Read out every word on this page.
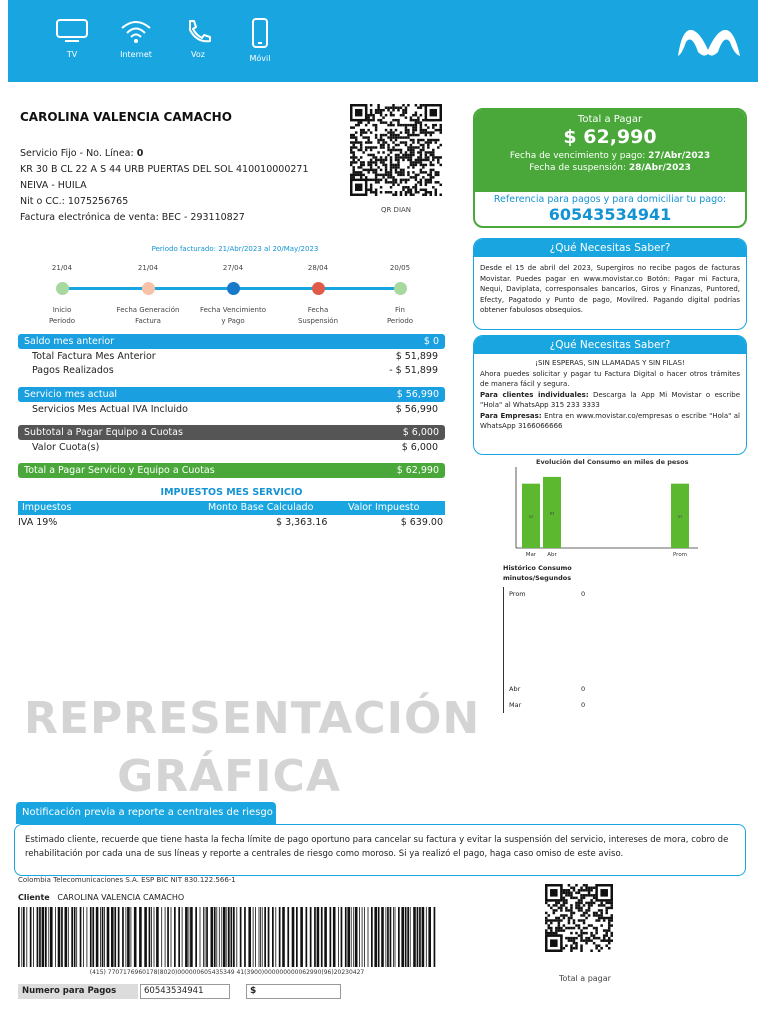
TV	Internet	Voz	Móvil
CAROLINA VALENCIA CAMACHO
Servicio Fijo - No. Línea: 0
KR 30 B CL 22 A S 44 URB PUERTAS DEL SOL 410010000271
NEIVA - HUILA
Nit o CC.: 1075256765
Factura electrónica de venta: BEC - 293110827
QR DIAN
Total a Pagar
$ 62,990
Fecha de vencimiento y pago: 27/Abr/2023
Fecha de suspensión: 28/Abr/2023
Referencia para pagos y para domiciliar tu pago:
60543534941
¿Qué Necesitas Saber?
Desde el 15 de abril del 2023, Supergiros no recibe pagos de facturas Movistar. Puedes pagar en www.movistar.co Botón: Pagar mi Factura, Nequi, Daviplata, corresponsales bancarios, Giros y Finanzas, Puntored, Efecty, Pagatodo y Punto de pago, Movilred. Pagando digital podrías obtener fabulosos obsequios.
¿Qué Necesitas Saber?
¡SIN ESPERAS, SIN LLAMADAS Y SIN FILAS!
Ahora puedes solicitar y pagar tu Factura Digital o hacer otros trámites de manera fácil y segura.
Para clientes individuales: Descarga la App Mi Movistar o escribe "Hola" al WhatsApp 315 233 3333
Para Empresas: Entra en www.movistar.co/empresas o escribe "Hola" al WhatsApp 3166066666
Periodo facturado: 21/Abr/2023 al 20/May/2023
21/04
Inicio
Periodo
21/04
Fecha Generación
Factura
27/04
Fecha Vencimiento
y Pago
28/04
Fecha
Suspensión
20/05
Fin
Periodo
Saldo mes anterior	$ 0
Total Factura Mes Anterior	$ 51,899
Pagos Realizados	- $ 51,899
Servicio mes actual	$ 56,990
Servicios Mes Actual IVA Incluido	$ 56,990
Subtotal a Pagar Equipo a Cuotas	$ 6,000
Valor Cuota(s)	$ 6,000
Total a Pagar Servicio y Equipo a Cuotas	$ 62,990
IMPUESTOS MES SERVICIO
Impuestos	Monto Base Calculado	Valor Impuesto
IVA 19%	$ 3,363.16	$ 639.00
Evolución del Consumo en miles de pesos
57
Mar
63
Abr
57
Prom
Histórico Consumo minutos/Segundos
Prom	0
Abr	0
Mar	0
REPRESENTACIÓN
GRÁFICA
Notificación previa a reporte a centrales de riesgo
Estimado cliente, recuerde que tiene hasta la fecha límite de pago oportuno para cancelar su factura y evitar la suspensión del servicio, intereses de mora, cobro de rehabilitación por cada una de sus líneas y reporte a centrales de riesgo como moroso. Si ya realizó el pago, haga caso omiso de este aviso.
Colombia Telecomunicaciones S.A. ESP BIC NIT 830.122.566-1
Cliente CAROLINA VALENCIA CAMACHO
(415) 7707176960178(8020)000000605435349 41(3900)000000000062990(96)20230427
Numero para Pagos	60543534941	$
Total a pagar
